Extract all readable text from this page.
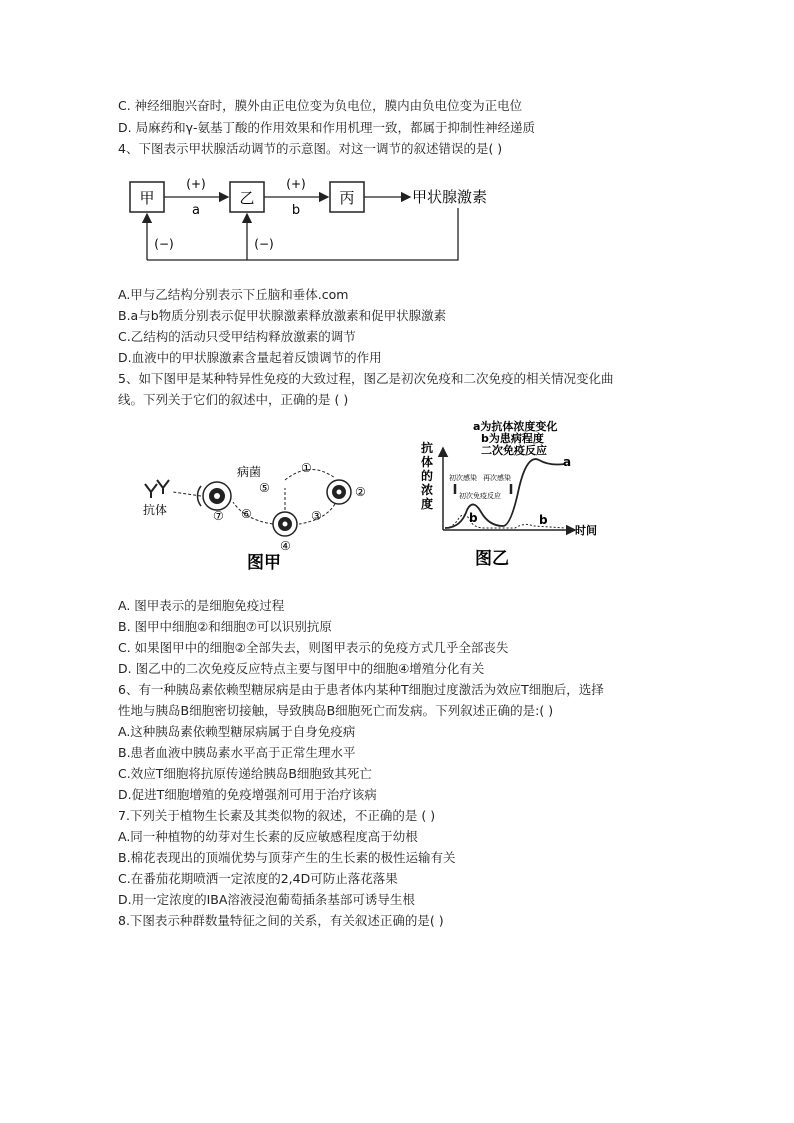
C. 神经细胞兴奋时，膜外由正电位变为负电位，膜内由负电位变为正电位
D. 局麻药和γ-氨基丁酸的作用效果和作用机理一致，都属于抑制性神经递质
4、下图表示甲状腺活动调节的示意图。对这一调节的叙述错误的是( )
甲	乙	丙
(+)
a
(+)
b
甲状腺激素
(−)	(−)
A.甲与乙结构分别表示下丘脑和垂体.com
B.a与b物质分别表示促甲状腺激素释放激素和促甲状腺激素
C.乙结构的活动只受甲结构释放激素的调节
D.血液中的甲状腺激素含量起着反馈调节的作用
5、如下图甲是某种特异性免疫的大致过程，图乙是初次免疫和二次免疫的相关情况变化曲
线。下列关于它们的叙述中，正确的是 ( )
抗体	⑦
病菌	①
⑤	②
④
③
⑥
图甲
a为抗体浓度变化
b为患病程度
二次免疫反应
抗
体
的
浓
度
初次感染 再次感染
初次免疫反应
a
b	b
时间
图乙
A. 图甲表示的是细胞免疫过程
B. 图甲中细胞②和细胞⑦可以识别抗原
C. 如果图甲中的细胞②全部失去，则图甲表示的免疫方式几乎全部丧失
D. 图乙中的二次免疫反应特点主要与图甲中的细胞④增殖分化有关
6、有一种胰岛素依赖型糖尿病是由于患者体内某种T细胞过度激活为效应T细胞后，选择
性地与胰岛B细胞密切接触，导致胰岛B细胞死亡而发病。下列叙述正确的是:( )
A.这种胰岛素依赖型糖尿病属于自身免疫病
B.患者血液中胰岛素水平高于正常生理水平
C.效应T细胞将抗原传递给胰岛B细胞致其死亡
D.促进T细胞增殖的免疫增强剂可用于治疗该病
7.下列关于植物生长素及其类似物的叙述，不正确的是 ( )
A.同一种植物的幼芽对生长素的反应敏感程度高于幼根
B.棉花表现出的顶端优势与顶芽产生的生长素的极性运输有关
C.在番茄花期喷洒一定浓度的2,4D可防止落花落果
D.用一定浓度的IBA溶液浸泡葡萄插条基部可诱导生根
8.下图表示种群数量特征之间的关系，有关叙述正确的是( )
